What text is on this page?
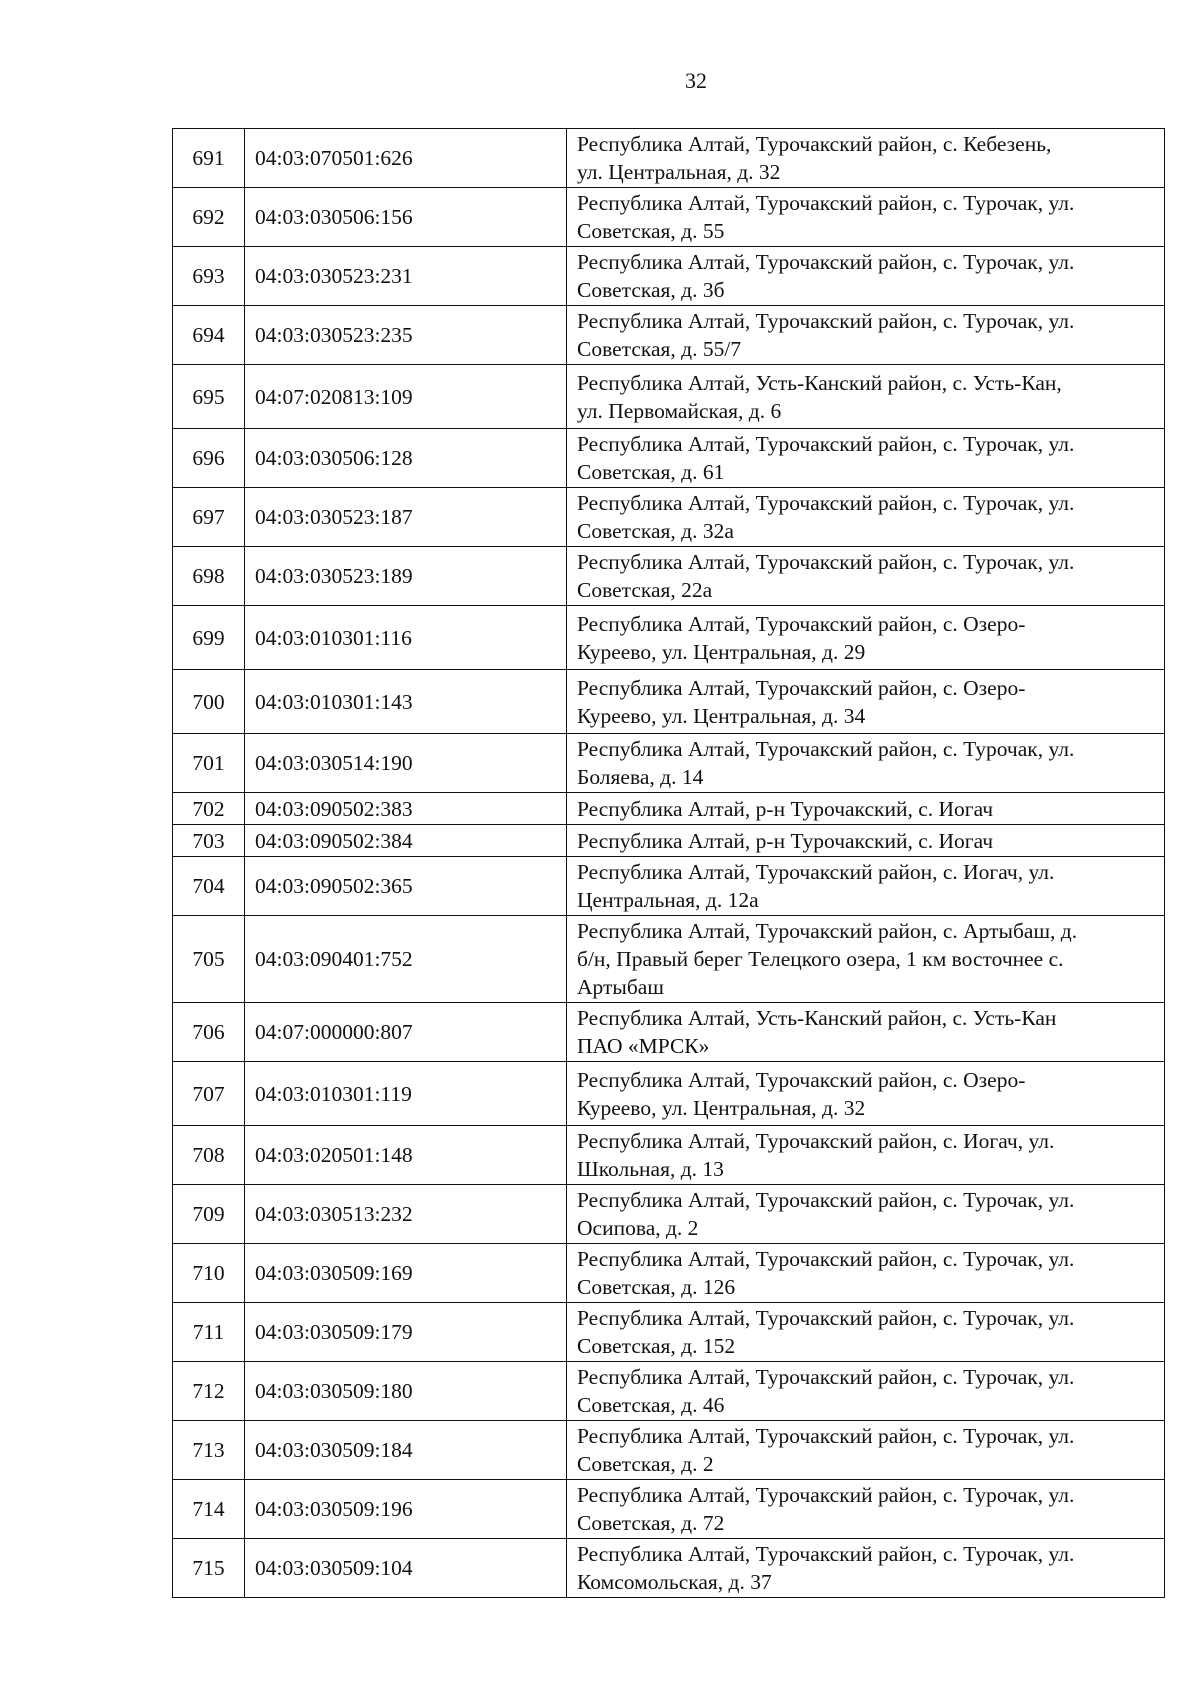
32
691	04:03:070501:626	Республика Алтай, Турочакский район, с. Кебезень,
ул. Центральная, д. 32

692	04:03:030506:156	Республика Алтай, Турочакский район, с. Турочак, ул.
Советская, д. 55

693	04:03:030523:231	Республика Алтай, Турочакский район, с. Турочак, ул.
Советская, д. 3б

694	04:03:030523:235	Республика Алтай, Турочакский район, с. Турочак, ул.
Советская, д. 55/7

695	04:07:020813:109	Республика Алтай, Усть-Канский район, с. Усть-Кан,
ул. Первомайская, д. 6

696	04:03:030506:128	Республика Алтай, Турочакский район, с. Турочак, ул.
Советская, д. 61

697	04:03:030523:187	Республика Алтай, Турочакский район, с. Турочак, ул.
Советская, д. 32а

698	04:03:030523:189	Республика Алтай, Турочакский район, с. Турочак, ул.
Советская, 22а

699	04:03:010301:116	Республика Алтай, Турочакский район, с. Озеро-
Куреево, ул. Центральная, д. 29

700	04:03:010301:143	Республика Алтай, Турочакский район, с. Озеро-
Куреево, ул. Центральная, д. 34

701	04:03:030514:190	Республика Алтай, Турочакский район, с. Турочак, ул.
Боляева, д. 14

702	04:03:090502:383	Республика Алтай, р-н Турочакский, с. Иогач

703	04:03:090502:384	Республика Алтай, р-н Турочакский, с. Иогач

704	04:03:090502:365	Республика Алтай, Турочакский район, с. Иогач, ул.
Центральная, д. 12а

705	04:03:090401:752	Республика Алтай, Турочакский район, с. Артыбаш, д.
б/н, Правый берег Телецкого озера, 1 км восточнее с.
Артыбаш

706	04:07:000000:807	Республика Алтай, Усть-Канский район, с. Усть-Кан
ПАО «МРСК»

707	04:03:010301:119	Республика Алтай, Турочакский район, с. Озеро-
Куреево, ул. Центральная, д. 32

708	04:03:020501:148	Республика Алтай, Турочакский район, с. Иогач, ул.
Школьная, д. 13

709	04:03:030513:232	Республика Алтай, Турочакский район, с. Турочак, ул.
Осипова, д. 2

710	04:03:030509:169	Республика Алтай, Турочакский район, с. Турочак, ул.
Советская, д. 126

711	04:03:030509:179	Республика Алтай, Турочакский район, с. Турочак, ул.
Советская, д. 152

712	04:03:030509:180	Республика Алтай, Турочакский район, с. Турочак, ул.
Советская, д. 46

713	04:03:030509:184	Республика Алтай, Турочакский район, с. Турочак, ул.
Советская, д. 2

714	04:03:030509:196	Республика Алтай, Турочакский район, с. Турочак, ул.
Советская, д. 72

715	04:03:030509:104	Республика Алтай, Турочакский район, с. Турочак, ул.
Комсомольская, д. 37
